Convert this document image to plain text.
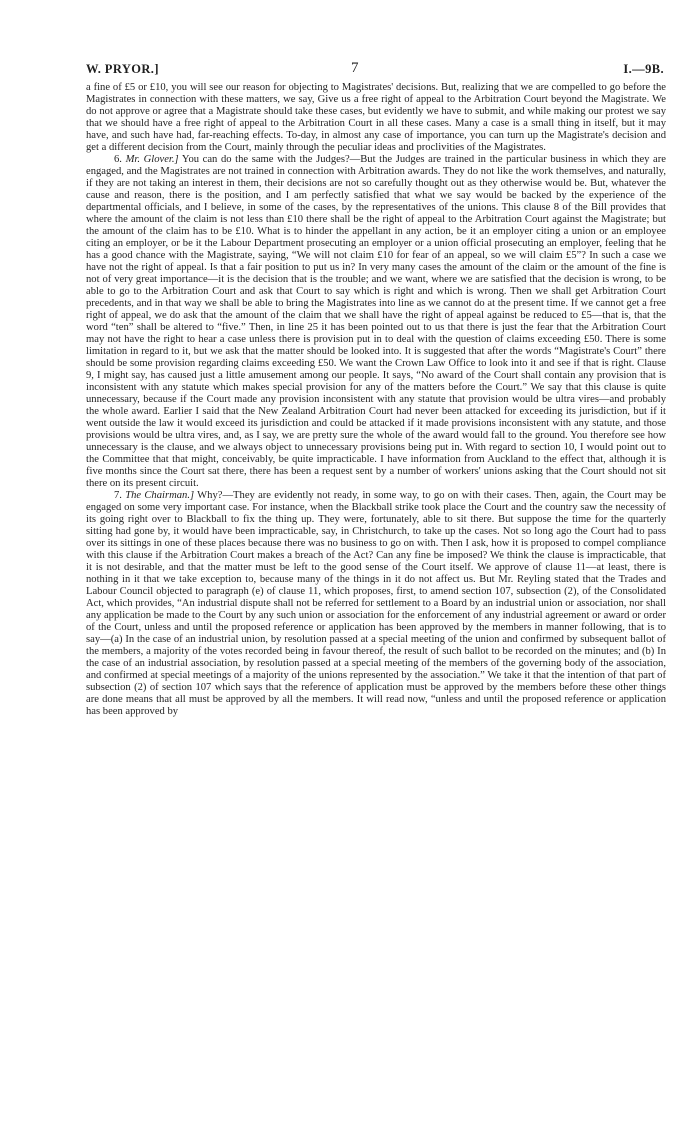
W. PRYOR.]	7	I.—9B.

a fine of £5 or £10, you will see our reason for objecting to Magistrates' decisions. But, realizing that we are compelled to go before the Magistrates in connection with these matters, we say, Give us a free right of appeal to the Arbitration Court beyond the Magistrate. We do not approve or agree that a Magistrate should take these cases, but evidently we have to submit, and while making our protest we say that we should have a free right of appeal to the Arbitration Court in all these cases. Many a case is a small thing in itself, but it may have, and such have had, far-reaching effects. To-day, in almost any case of importance, you can turn up the Magistrate's decision and get a different decision from the Court, mainly through the peculiar ideas and proclivities of the Magistrates.

6. Mr. Glover.] You can do the same with the Judges?—But the Judges are trained in the particular business in which they are engaged, and the Magistrates are not trained in connection with Arbitration awards. They do not like the work themselves, and naturally, if they are not taking an interest in them, their decisions are not so carefully thought out as they otherwise would be. But, whatever the cause and reason, there is the position, and I am perfectly satisfied that what we say would be backed by the experience of the departmental officials, and I believe, in some of the cases, by the representatives of the unions. This clause 8 of the Bill provides that where the amount of the claim is not less than £10 there shall be the right of appeal to the Arbitration Court against the Magistrate; but the amount of the claim has to be £10. What is to hinder the appellant in any action, be it an employer citing a union or an employee citing an employer, or be it the Labour Department prosecuting an employer or a union official prosecuting an employer, feeling that he has a good chance with the Magistrate, saying, “We will not claim £10 for fear of an appeal, so we will claim £5”? In such a case we have not the right of appeal. Is that a fair position to put us in? In very many cases the amount of the claim or the amount of the fine is not of very great importance—it is the decision that is the trouble; and we want, where we are satisfied that the decision is wrong, to be able to go to the Arbitration Court and ask that Court to say which is right and which is wrong. Then we shall get Arbitration Court precedents, and in that way we shall be able to bring the Magistrates into line as we cannot do at the present time. If we cannot get a free right of appeal, we do ask that the amount of the claim that we shall have the right of appeal against be reduced to £5—that is, that the word “ten” shall be altered to “five.” Then, in line 25 it has been pointed out to us that there is just the fear that the Arbitration Court may not have the right to hear a case unless there is provision put in to deal with the question of claims exceeding £50. There is some limitation in regard to it, but we ask that the matter should be looked into. It is suggested that after the words “Magistrate's Court” there should be some provision regarding claims exceeding £50. We want the Crown Law Office to look into it and see if that is right. Clause 9, I might say, has caused just a little amusement among our people. It says, “No award of the Court shall contain any provision that is inconsistent with any statute which makes special provision for any of the matters before the Court.” We say that this clause is quite unnecessary, because if the Court made any provision inconsistent with any statute that provision would be ultra vires—and probably the whole award. Earlier I said that the New Zealand Arbitration Court had never been attacked for exceeding its jurisdiction, but if it went outside the law it would exceed its jurisdiction and could be attacked if it made provisions inconsistent with any statute, and those provisions would be ultra vires, and, as I say, we are pretty sure the whole of the award would fall to the ground. You therefore see how unnecessary is the clause, and we always object to unnecessary provisions being put in. With regard to section 10, I would point out to the Committee that that might, conceivably, be quite impracticable. I have information from Auckland to the effect that, although it is five months since the Court sat there, there has been a request sent by a number of workers' unions asking that the Court should not sit there on its present circuit.

7. The Chairman.] Why?—They are evidently not ready, in some way, to go on with their cases. Then, again, the Court may be engaged on some very important case. For instance, when the Blackball strike took place the Court and the country saw the necessity of its going right over to Blackball to fix the thing up. They were, fortunately, able to sit there. But suppose the time for the quarterly sitting had gone by, it would have been impracticable, say, in Christchurch, to take up the cases. Not so long ago the Court had to pass over its sittings in one of these places because there was no business to go on with. Then I ask, how it is proposed to compel compliance with this clause if the Arbitration Court makes a breach of the Act? Can any fine be imposed? We think the clause is impracticable, that it is not desirable, and that the matter must be left to the good sense of the Court itself. We approve of clause 11—at least, there is nothing in it that we take exception to, because many of the things in it do not affect us. But Mr. Reyling stated that the Trades and Labour Council objected to paragraph (e) of clause 11, which proposes, first, to amend section 107, subsection (2), of the Consolidated Act, which provides, “An industrial dispute shall not be referred for settlement to a Board by an industrial union or association, nor shall any application be made to the Court by any such union or association for the enforcement of any industrial agreement or award or order of the Court, unless and until the proposed reference or application has been approved by the members in manner following, that is to say—(a) In the case of an industrial union, by resolution passed at a special meeting of the union and confirmed by subsequent ballot of the members, a majority of the votes recorded being in favour thereof, the result of such ballot to be recorded on the minutes; and (b) In the case of an industrial association, by resolution passed at a special meeting of the members of the governing body of the association, and confirmed at special meetings of a majority of the unions represented by the association.” We take it that the intention of that part of subsection (2) of section 107 which says that the reference of application must be approved by the members before these other things are done means that all must be approved by all the members. It will read now, “unless and until the proposed reference or application has been approved by
